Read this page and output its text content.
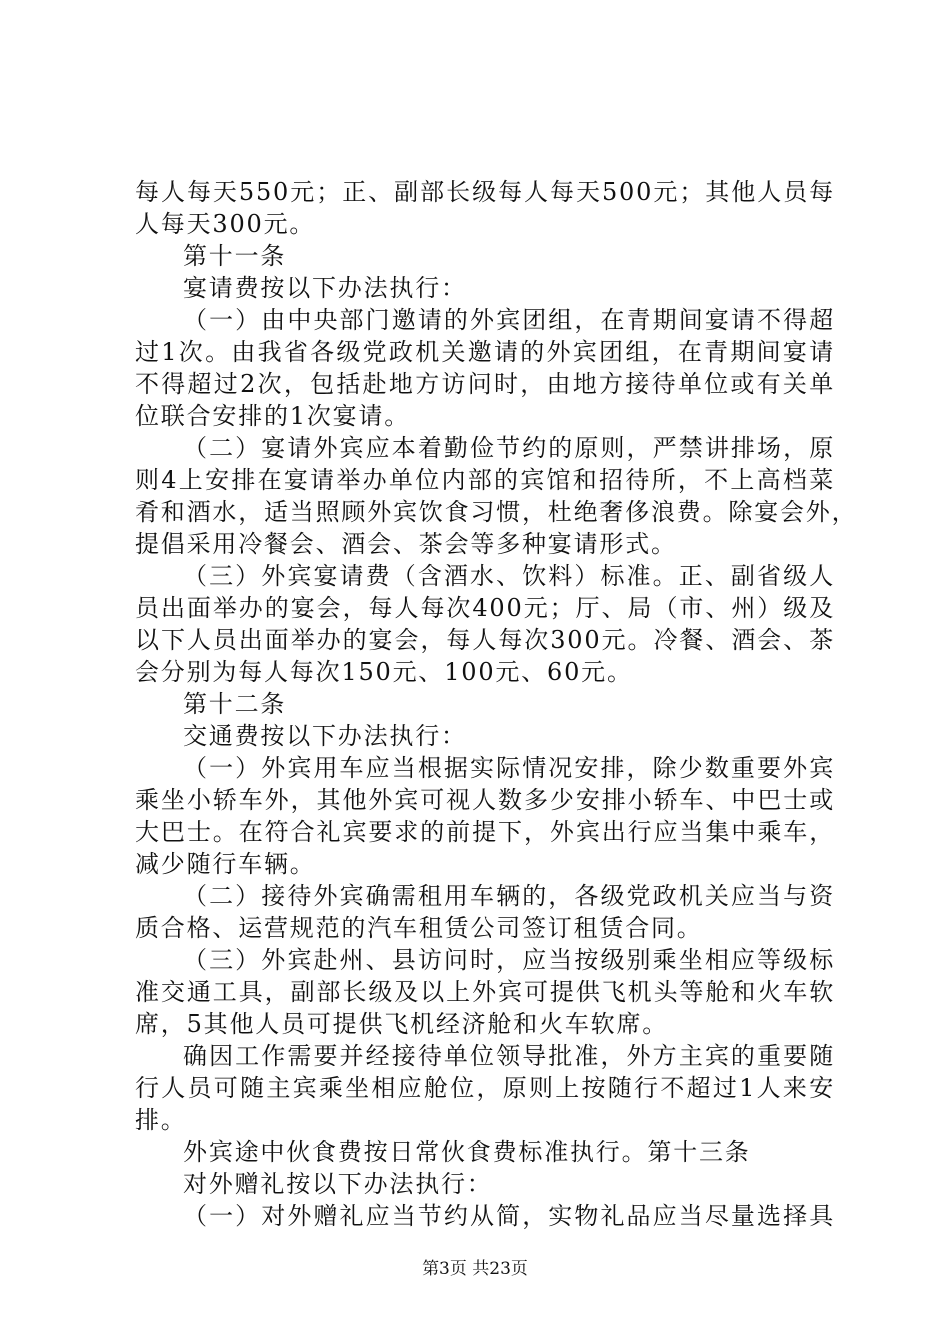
每人每天550元；正、副部长级每人每天500元；其他人员每
人每天300元。
第十一条
宴请费按以下办法执行：
（一）由中央部门邀请的外宾团组，在青期间宴请不得超
过1次。由我省各级党政机关邀请的外宾团组，在青期间宴请
不得超过2次，包括赴地方访问时，由地方接待单位或有关单
位联合安排的1次宴请。
（二）宴请外宾应本着勤俭节约的原则，严禁讲排场，原
则4上安排在宴请举办单位内部的宾馆和招待所，不上高档菜
肴和酒水，适当照顾外宾饮食习惯，杜绝奢侈浪费。除宴会外，
提倡采用冷餐会、酒会、茶会等多种宴请形式。
（三）外宾宴请费（含酒水、饮料）标准。正、副省级人
员出面举办的宴会，每人每次400元；厅、局（市、州）级及
以下人员出面举办的宴会，每人每次300元。冷餐、酒会、茶
会分别为每人每次150元、100元、60元。
第十二条
交通费按以下办法执行：
（一）外宾用车应当根据实际情况安排，除少数重要外宾
乘坐小轿车外，其他外宾可视人数多少安排小轿车、中巴士或
大巴士。在符合礼宾要求的前提下，外宾出行应当集中乘车，
减少随行车辆。
（二）接待外宾确需租用车辆的，各级党政机关应当与资
质合格、运营规范的汽车租赁公司签订租赁合同。
（三）外宾赴州、县访问时，应当按级别乘坐相应等级标
准交通工具，副部长级及以上外宾可提供飞机头等舱和火车软
席，5其他人员可提供飞机经济舱和火车软席。
确因工作需要并经接待单位领导批准，外方主宾的重要随
行人员可随主宾乘坐相应舱位，原则上按随行不超过1人来安
排。
外宾途中伙食费按日常伙食费标准执行。第十三条
对外赠礼按以下办法执行：
（一）对外赠礼应当节约从简，实物礼品应当尽量选择具
第3页 共23页
